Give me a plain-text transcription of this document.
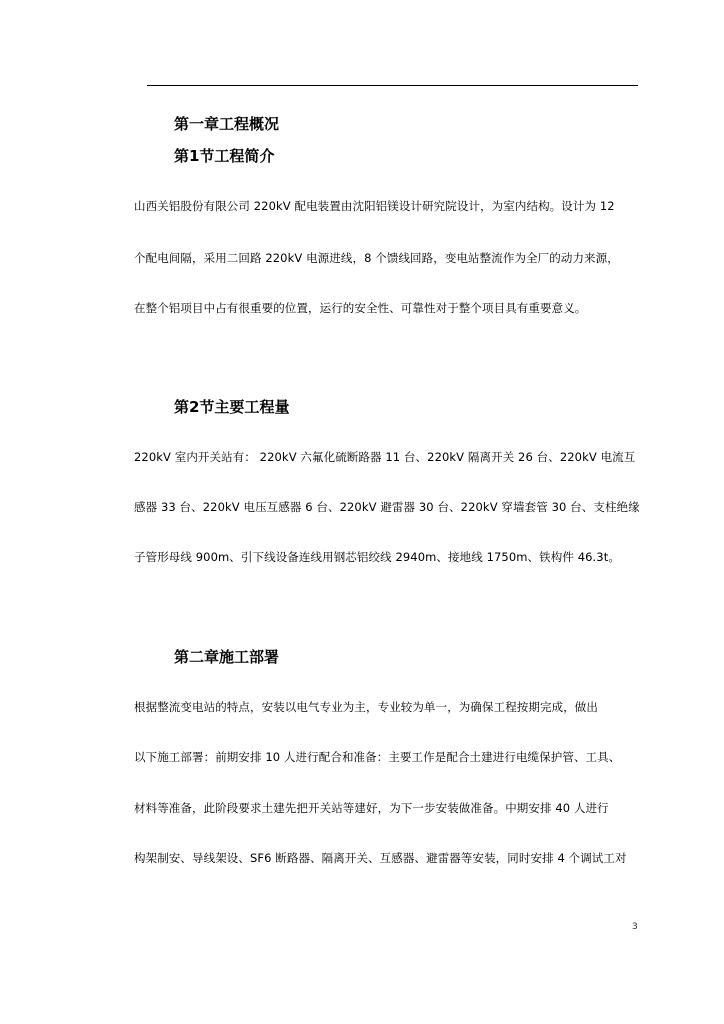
第一章工程概况
第1节工程简介

山西关铝股份有限公司 220kV 配电装置由沈阳铝镁设计研究院设计，为室内结构。设计为 12

个配电间隔，采用二回路 220kV 电源进线，8 个馈线回路，变电站整流作为全厂的动力来源，

在整个铝项目中占有很重要的位置，运行的安全性、可靠性对于整个项目具有重要意义。

第2节主要工程量

220kV 室内开关站有： 220kV 六氟化硫断路器 11 台、220kV 隔离开关 26 台、220kV 电流互

感器 33 台、220kV 电压互感器 6 台、220kV 避雷器 30 台、220kV 穿墙套管 30 台、支柱绝缘

子管形母线 900m、引下线设备连线用钢芯铝绞线 2940m、接地线 1750m、铁构件 46.3t。

第二章施工部署

根据整流变电站的特点，安装以电气专业为主，专业较为单一，为确保工程按期完成，做出

以下施工部署：前期安排 10 人进行配合和准备：主要工作是配合土建进行电缆保护管、工具、

材料等准备，此阶段要求土建先把开关站等建好，为下一步安装做准备。中期安排 40 人进行

构架制安、导线架设、SF6 断路器、隔离开关、互感器、避雷器等安装，同时安排 4 个调试工对

3
